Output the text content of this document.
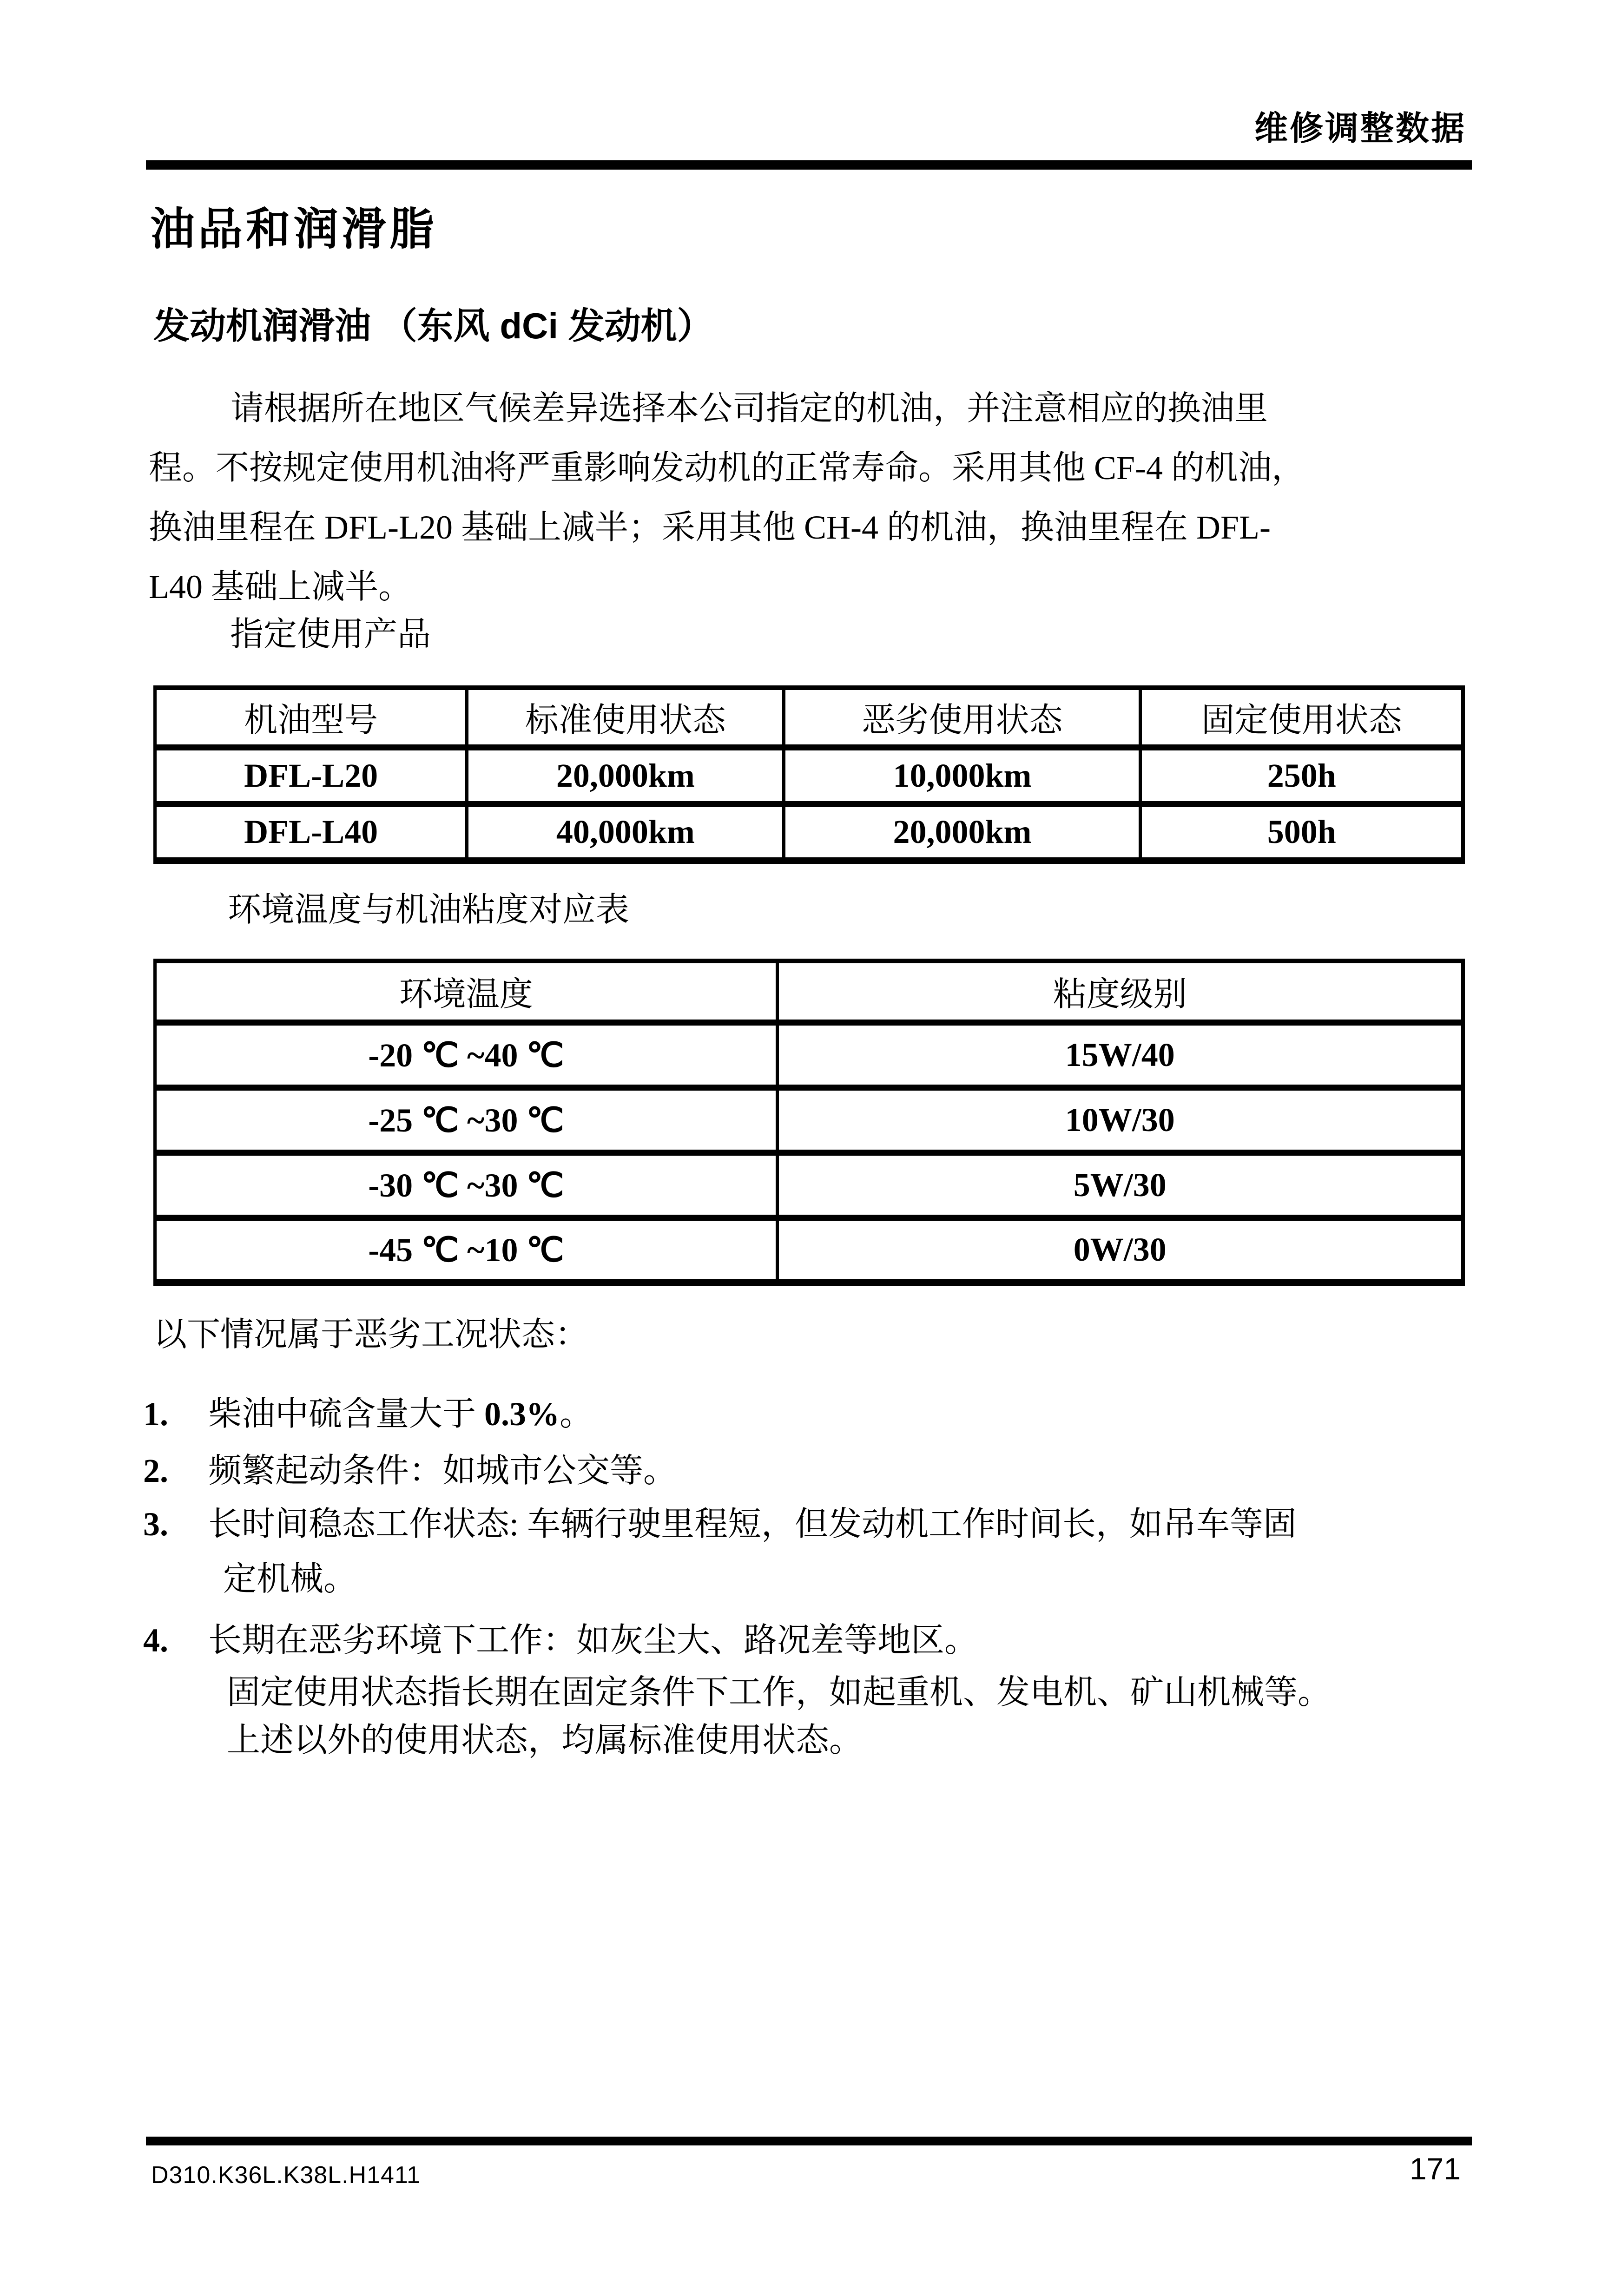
维修调整数据
油品和润滑脂
发动机润滑油 （东风 dCi 发动机）
请根据所在地区气候差异选择本公司指定的机油，并注意相应的换油里
程。不按规定使用机油将严重影响发动机的正常寿命。采用其他 CF-4 的机油，
换油里程在 DFL-L20 基础上减半；采用其他 CH-4 的机油，换油里程在 DFL-
L40 基础上减半。
指定使用产品
机油型号	标准使用状态	恶劣使用状态	固定使用状态
DFL-L20	20,000km	10,000km	250h
DFL-L40	40,000km	20,000km	500h
环境温度与机油粘度对应表
环境温度	粘度级别
-20 ℃ ~40 ℃	15W/40
-25 ℃ ~30 ℃	10W/30
-30 ℃ ~30 ℃	5W/30
-45 ℃ ~10 ℃	0W/30
以下情况属于恶劣工况状态：
1. 柴油中硫含量大于 0.3%。
2. 频繁起动条件：如城市公交等。
3. 长时间稳态工作状态: 车辆行驶里程短，但发动机工作时间长，如吊车等固
定机械。
4. 长期在恶劣环境下工作：如灰尘大、路况差等地区。
固定使用状态指长期在固定条件下工作，如起重机、发电机、矿山机械等。
上述以外的使用状态，均属标准使用状态。
D310.K36L.K38L.H1411	171
